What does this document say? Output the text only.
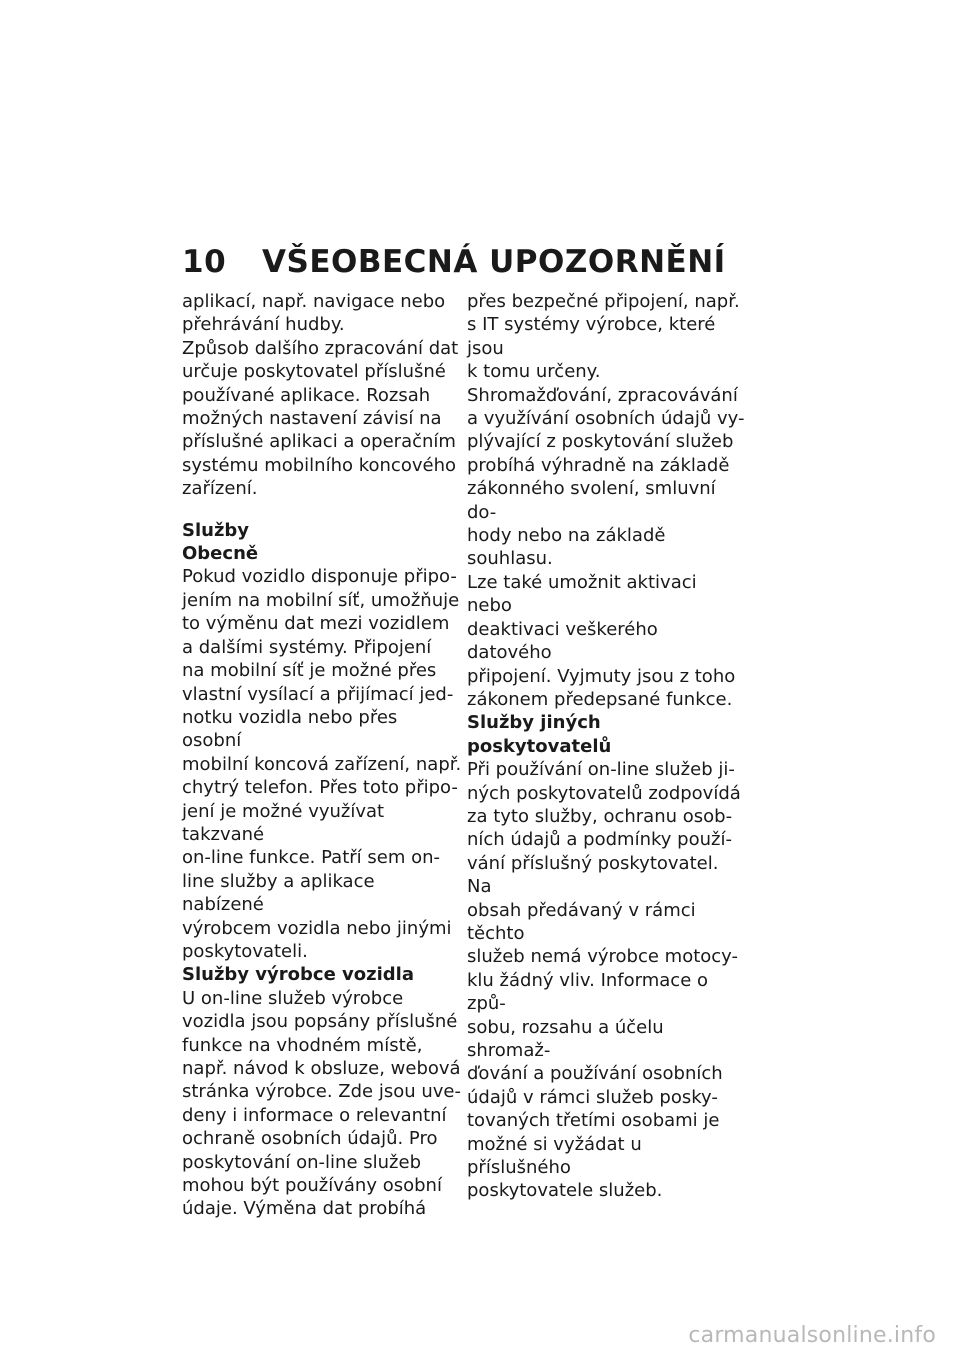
10	VŠEOBECNÁ UPOZORNĚNÍ

aplikací, např. navigace nebo
přehrávání hudby.

Způsob dalšího zpracování dat
určuje poskytovatel příslušné
používané aplikace. Rozsah
možných nastavení závisí na
příslušné aplikaci a operačním
systému mobilního koncového
zařízení.

Služby

Obecně

Pokud vozidlo disponuje připo-
jením na mobilní síť, umožňuje
to výměnu dat mezi vozidlem
a dalšími systémy. Připojení
na mobilní síť je možné přes
vlastní vysílací a přijímací jed-
notku vozidla nebo přes osobní
mobilní koncová zařízení, např.
chytrý telefon. Přes toto připo-
jení je možné využívat takzvané
on-line funkce. Patří sem on-
line služby a aplikace nabízené
výrobcem vozidla nebo jinými
poskytovateli.

Služby výrobce vozidla

U on-line služeb výrobce
vozidla jsou popsány příslušné
funkce na vhodném místě,
např. návod k obsluze, webová
stránka výrobce. Zde jsou uve-
deny i informace o relevantní
ochraně osobních údajů. Pro
poskytování on-line služeb
mohou být používány osobní
údaje. Výměna dat probíhá

přes bezpečné připojení, např.
s IT systémy výrobce, které jsou
k tomu určeny.

Shromažďování, zpracovávání
a využívání osobních údajů vy-
plývající z poskytování služeb
probíhá výhradně na základě
zákonného svolení, smluvní do-
hody nebo na základě souhlasu.
Lze také umožnit aktivaci nebo
deaktivaci veškerého datového
připojení. Vyjmuty jsou z toho
zákonem předepsané funkce.

Služby jiných poskytovatelů

Při používání on-line služeb ji-
ných poskytovatelů zodpovídá
za tyto služby, ochranu osob-
ních údajů a podmínky použí-
vání příslušný poskytovatel. Na
obsah předávaný v rámci těchto
služeb nemá výrobce motocy-
klu žádný vliv. Informace o způ-
sobu, rozsahu a účelu shromaž-
ďování a používání osobních
údajů v rámci služeb posky-
tovaných třetími osobami je
možné si vyžádat u příslušného
poskytovatele služeb.

carmanualsonline.info
